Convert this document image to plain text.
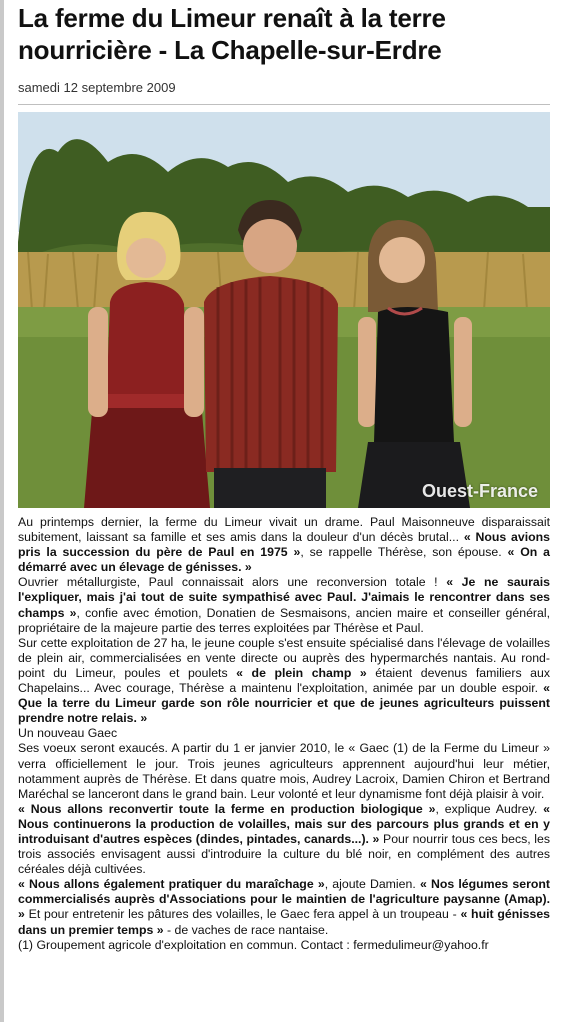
La ferme du Limeur renaît à la terre nourricière - La Chapelle-sur-Erdre
samedi 12 septembre 2009
Ouest-France

Au printemps dernier, la ferme du Limeur vivait un drame. Paul Maisonneuve disparaissait subitement, laissant sa famille et ses amis dans la douleur d'un décès brutal... « Nous avions pris la succession du père de Paul en 1975 », se rappelle Thérèse, son épouse. « On a démarré avec un élevage de génisses. »

Ouvrier métallurgiste, Paul connaissait alors une reconversion totale ! « Je ne saurais l'expliquer, mais j'ai tout de suite sympathisé avec Paul. J'aimais le rencontrer dans ses champs », confie avec émotion, Donatien de Sesmaisons, ancien maire et conseiller général, propriétaire de la majeure partie des terres exploitées par Thérèse et Paul.

Sur cette exploitation de 27 ha, le jeune couple s'est ensuite spécialisé dans l'élevage de volailles de plein air, commercialisées en vente directe ou auprès des hypermarchés nantais. Au rond-point du Limeur, poules et poulets « de plein champ » étaient devenus familiers aux Chapelains... Avec courage, Thérèse a maintenu l'exploitation, animée par un double espoir. « Que la terre du Limeur garde son rôle nourricier et que de jeunes agriculteurs puissent prendre notre relais. »

Un nouveau Gaec

Ses voeux seront exaucés. A partir du 1 er janvier 2010, le « Gaec (1) de la Ferme du Limeur » verra officiellement le jour. Trois jeunes agriculteurs apprennent aujourd'hui leur métier, notamment auprès de Thérèse. Et dans quatre mois, Audrey Lacroix, Damien Chiron et Bertrand Maréchal se lanceront dans le grand bain. Leur volonté et leur dynamisme font déjà plaisir à voir.

« Nous allons reconvertir toute la ferme en production biologique », explique Audrey. « Nous continuerons la production de volailles, mais sur des parcours plus grands et en y introduisant d'autres espèces (dindes, pintades, canards...). » Pour nourrir tous ces becs, les trois associés envisagent aussi d'introduire la culture du blé noir, en complément des autres céréales déjà cultivées.

« Nous allons également pratiquer du maraîchage », ajoute Damien. « Nos légumes seront commercialisés auprès d'Associations pour le maintien de l'agriculture paysanne (Amap). » Et pour entretenir les pâtures des volailles, le Gaec fera appel à un troupeau - « huit génisses dans un premier temps » - de vaches de race nantaise.

(1) Groupement agricole d'exploitation en commun. Contact : fermedulimeur@yahoo.fr
